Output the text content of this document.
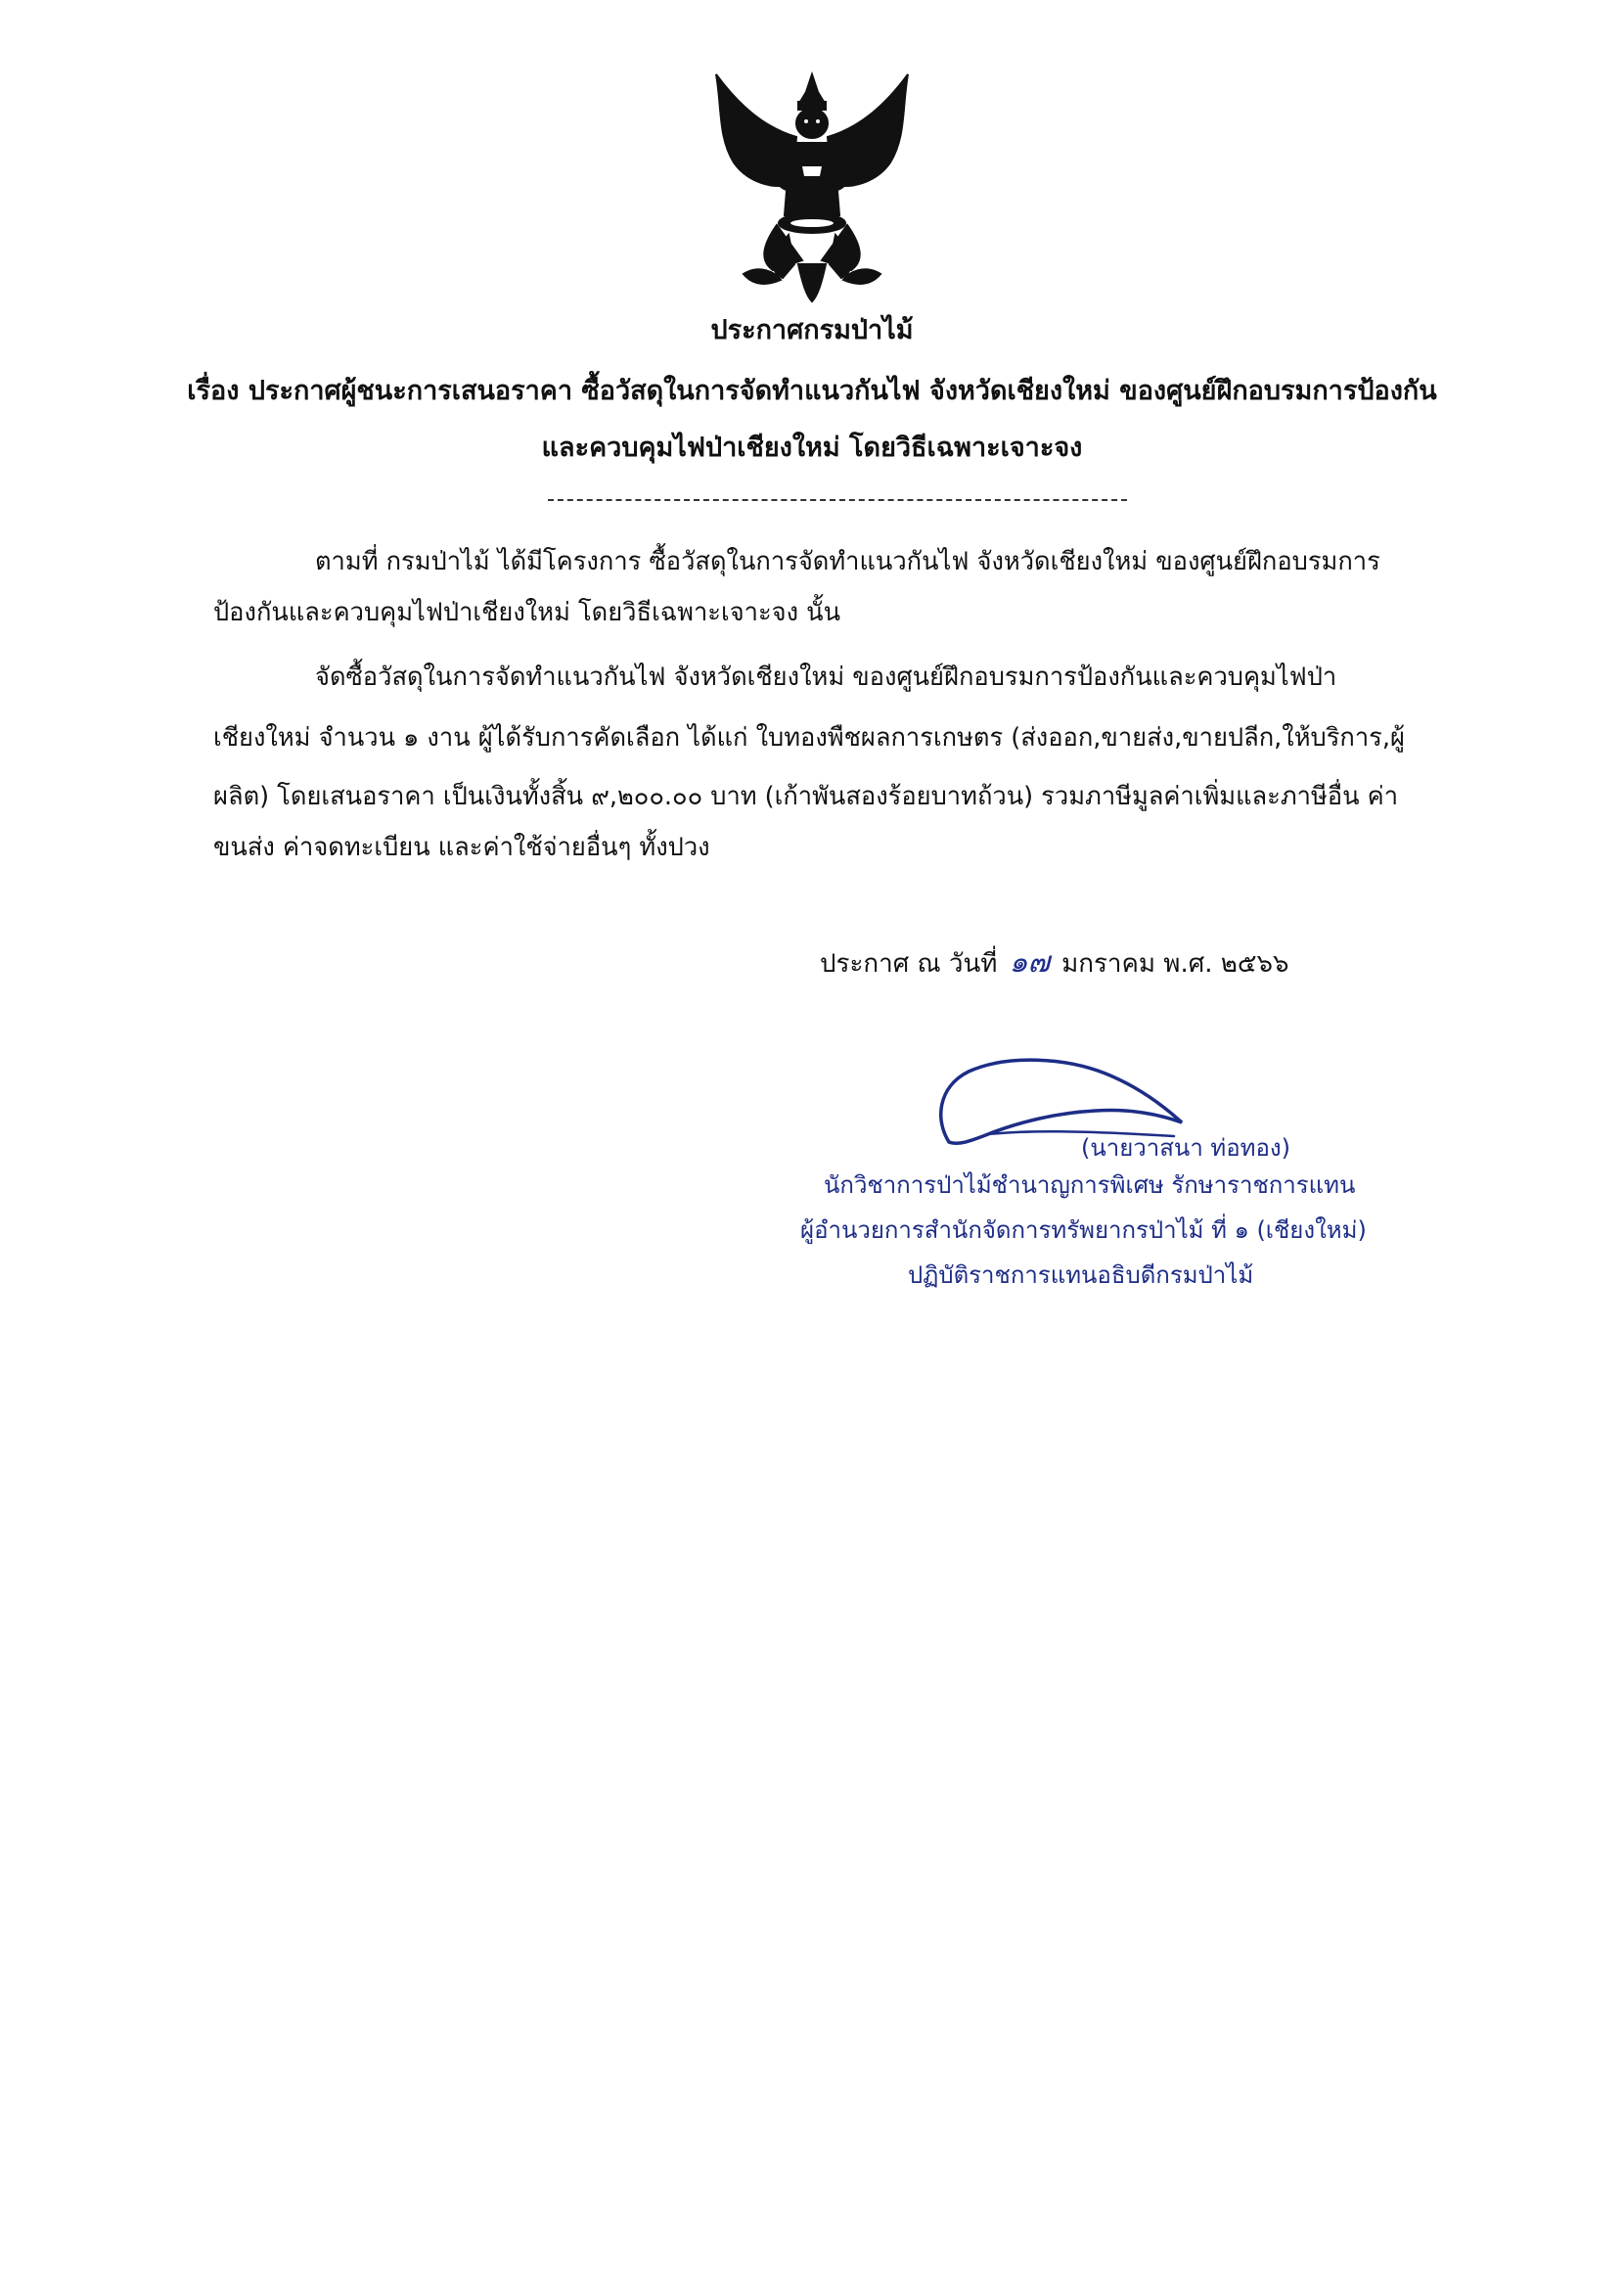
ประกาศกรมป่าไม้
เรื่อง ประกาศผู้ชนะการเสนอราคา ซื้อวัสดุในการจัดทำแนวกันไฟ จังหวัดเชียงใหม่ ของศูนย์ฝึกอบรมการป้องกัน
และควบคุมไฟป่าเชียงใหม่ โดยวิธีเฉพาะเจาะจง
ตามที่ กรมป่าไม้ ได้มีโครงการ ซื้อวัสดุในการจัดทำแนวกันไฟ จังหวัดเชียงใหม่ ของศูนย์ฝึกอบรมการ
ป้องกันและควบคุมไฟป่าเชียงใหม่ โดยวิธีเฉพาะเจาะจง นั้น
จัดซื้อวัสดุในการจัดทำแนวกันไฟ จังหวัดเชียงใหม่ ของศูนย์ฝึกอบรมการป้องกันและควบคุมไฟป่า
เชียงใหม่ จำนวน ๑ งาน ผู้ได้รับการคัดเลือก ได้แก่ ใบทองพืชผลการเกษตร (ส่งออก,ขายส่ง,ขายปลีก,ให้บริการ,ผู้
ผลิต) โดยเสนอราคา เป็นเงินทั้งสิ้น ๙,๒๐๐.๐๐ บาท (เก้าพันสองร้อยบาทถ้วน) รวมภาษีมูลค่าเพิ่มและภาษีอื่น ค่า
ขนส่ง ค่าจดทะเบียน และค่าใช้จ่ายอื่นๆ ทั้งปวง
ประกาศ ณ วันที่ ๑๗ มกราคม พ.ศ. ๒๕๖๖
(นายวาสนา ท่อทอง)
นักวิชาการป่าไม้ชำนาญการพิเศษ รักษาราชการแทน
ผู้อำนวยการสำนักจัดการทรัพยากรป่าไม้ ที่ ๑ (เชียงใหม่)
ปฏิบัติราชการแทนอธิบดีกรมป่าไม้
